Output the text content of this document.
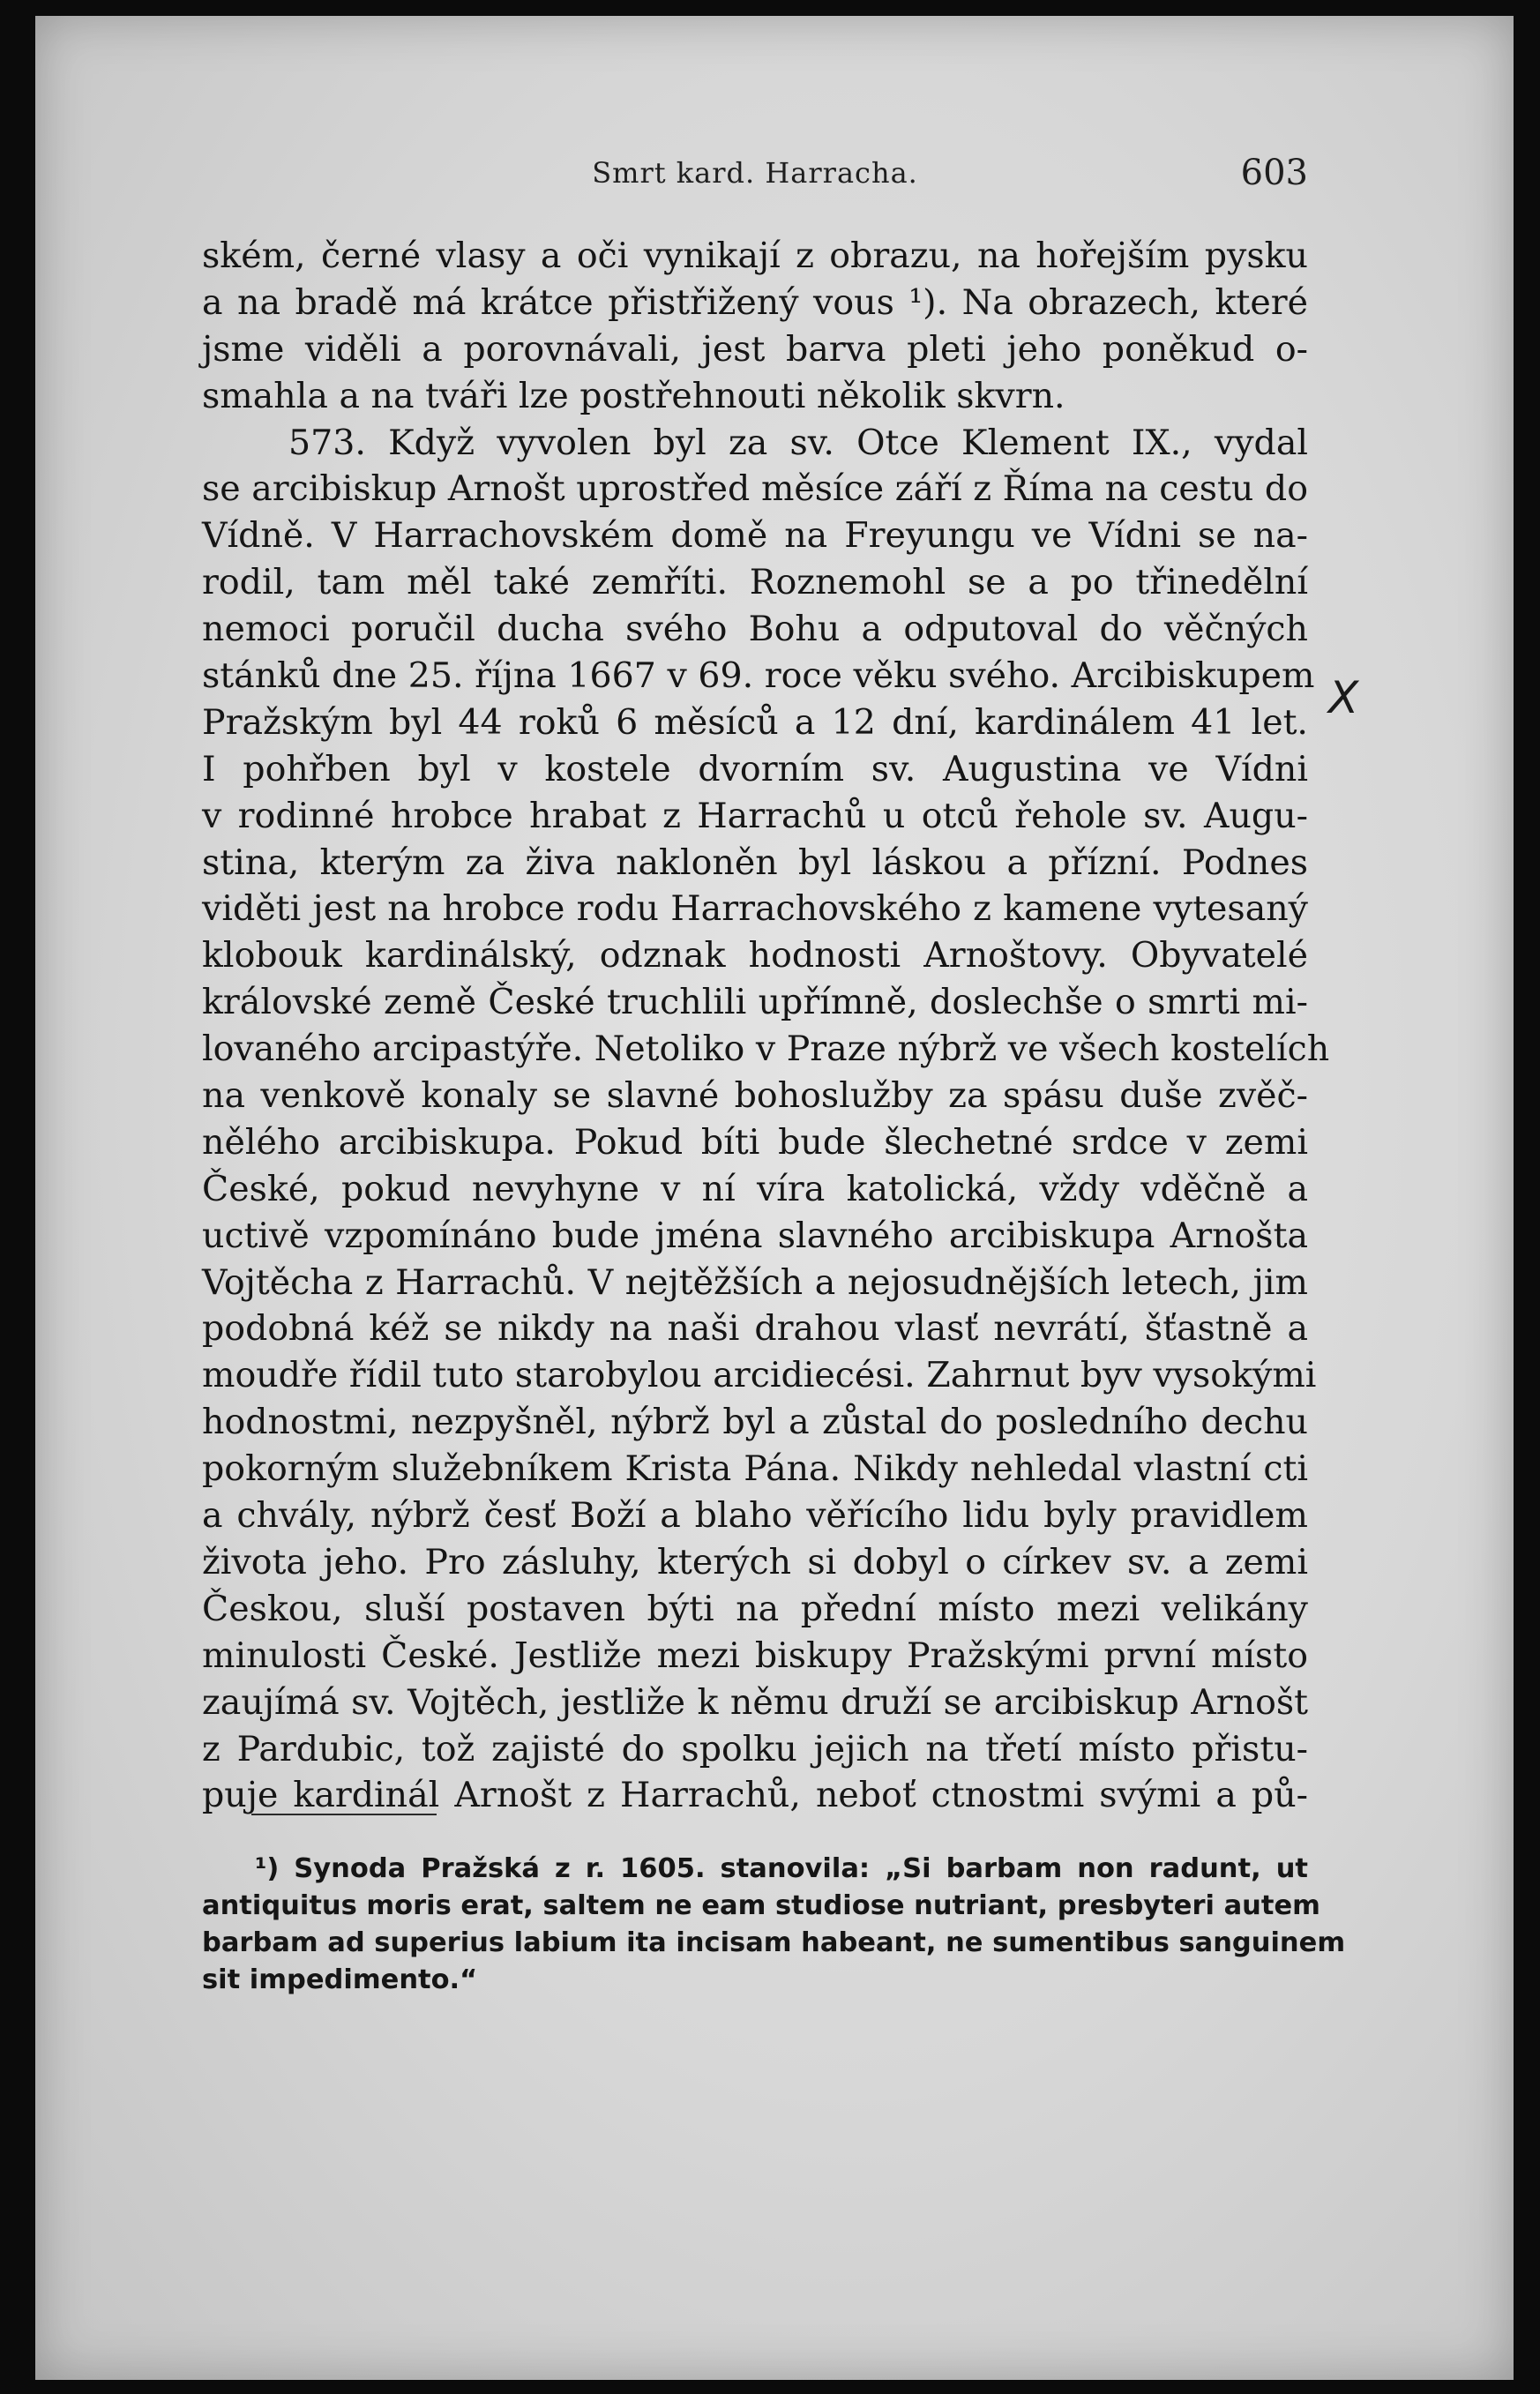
Smrt kard. Harracha.	603
ském, černé vlasy a oči vynikají z obrazu, na hořejším pysku
a na bradě má krátce přistřižený vous ¹). Na obrazech, které
jsme viděli a porovnávali, jest barva pleti jeho poněkud o-
smahla a na tváři lze postřehnouti několik skvrn.
573. Když vyvolen byl za sv. Otce Klement IX., vydal
se arcibiskup Arnošt uprostřed měsíce září z Říma na cestu do
Vídně. V Harrachovském domě na Freyungu ve Vídni se na-
rodil, tam měl také zemříti. Roznemohl se a po třinedělní
nemoci poručil ducha svého Bohu a odputoval do věčných
stánků dne 25. října 1667 v 69. roce věku svého. Arcibiskupem
Pražským byl 44 roků 6 měsíců a 12 dní, kardinálem 41 let.
I pohřben byl v kostele dvorním sv. Augustina ve Vídni
v rodinné hrobce hrabat z Harrachů u otců řehole sv. Augu-
stina, kterým za živa nakloněn byl láskou a přízní. Podnes
viděti jest na hrobce rodu Harrachovského z kamene vytesaný
klobouk kardinálský, odznak hodnosti Arnoštovy. Obyvatelé
královské země České truchlili upřímně, doslechše o smrti mi-
lovaného arcipastýře. Netoliko v Praze nýbrž ve všech kostelích
na venkově konaly se slavné bohoslužby za spásu duše zvěč-
nělého arcibiskupa. Pokud bíti bude šlechetné srdce v zemi
České, pokud nevyhyne v ní víra katolická, vždy vděčně a
uctivě vzpomínáno bude jména slavného arcibiskupa Arnošta
Vojtěcha z Harrachů. V nejtěžších a nejosudnějších letech, jim
podobná kéž se nikdy na naši drahou vlasť nevrátí, šťastně a
moudře řídil tuto starobylou arcidiecési. Zahrnut byv vysokými
hodnostmi, nezpyšněl, nýbrž byl a zůstal do posledního dechu
pokorným služebníkem Krista Pána. Nikdy nehledal vlastní cti
a chvály, nýbrž česť Boží a blaho věřícího lidu byly pravidlem
života jeho. Pro zásluhy, kterých si dobyl o církev sv. a zemi
Českou, sluší postaven býti na přední místo mezi velikány
minulosti České. Jestliže mezi biskupy Pražskými první místo
zaujímá sv. Vojtěch, jestliže k němu druží se arcibiskup Arnošt
z Pardubic, tož zajisté do spolku jejich na třetí místo přistu-
puje kardinál Arnošt z Harrachů, neboť ctnostmi svými a pů-
¹) Synoda Pražská z r. 1605. stanovila: „Si barbam non radunt, ut
antiquitus moris erat, saltem ne eam studiose nutriant, presbyteri autem
barbam ad superius labium ita incisam habeant, ne sumentibus sanguinem
sit impedimento.“
X
